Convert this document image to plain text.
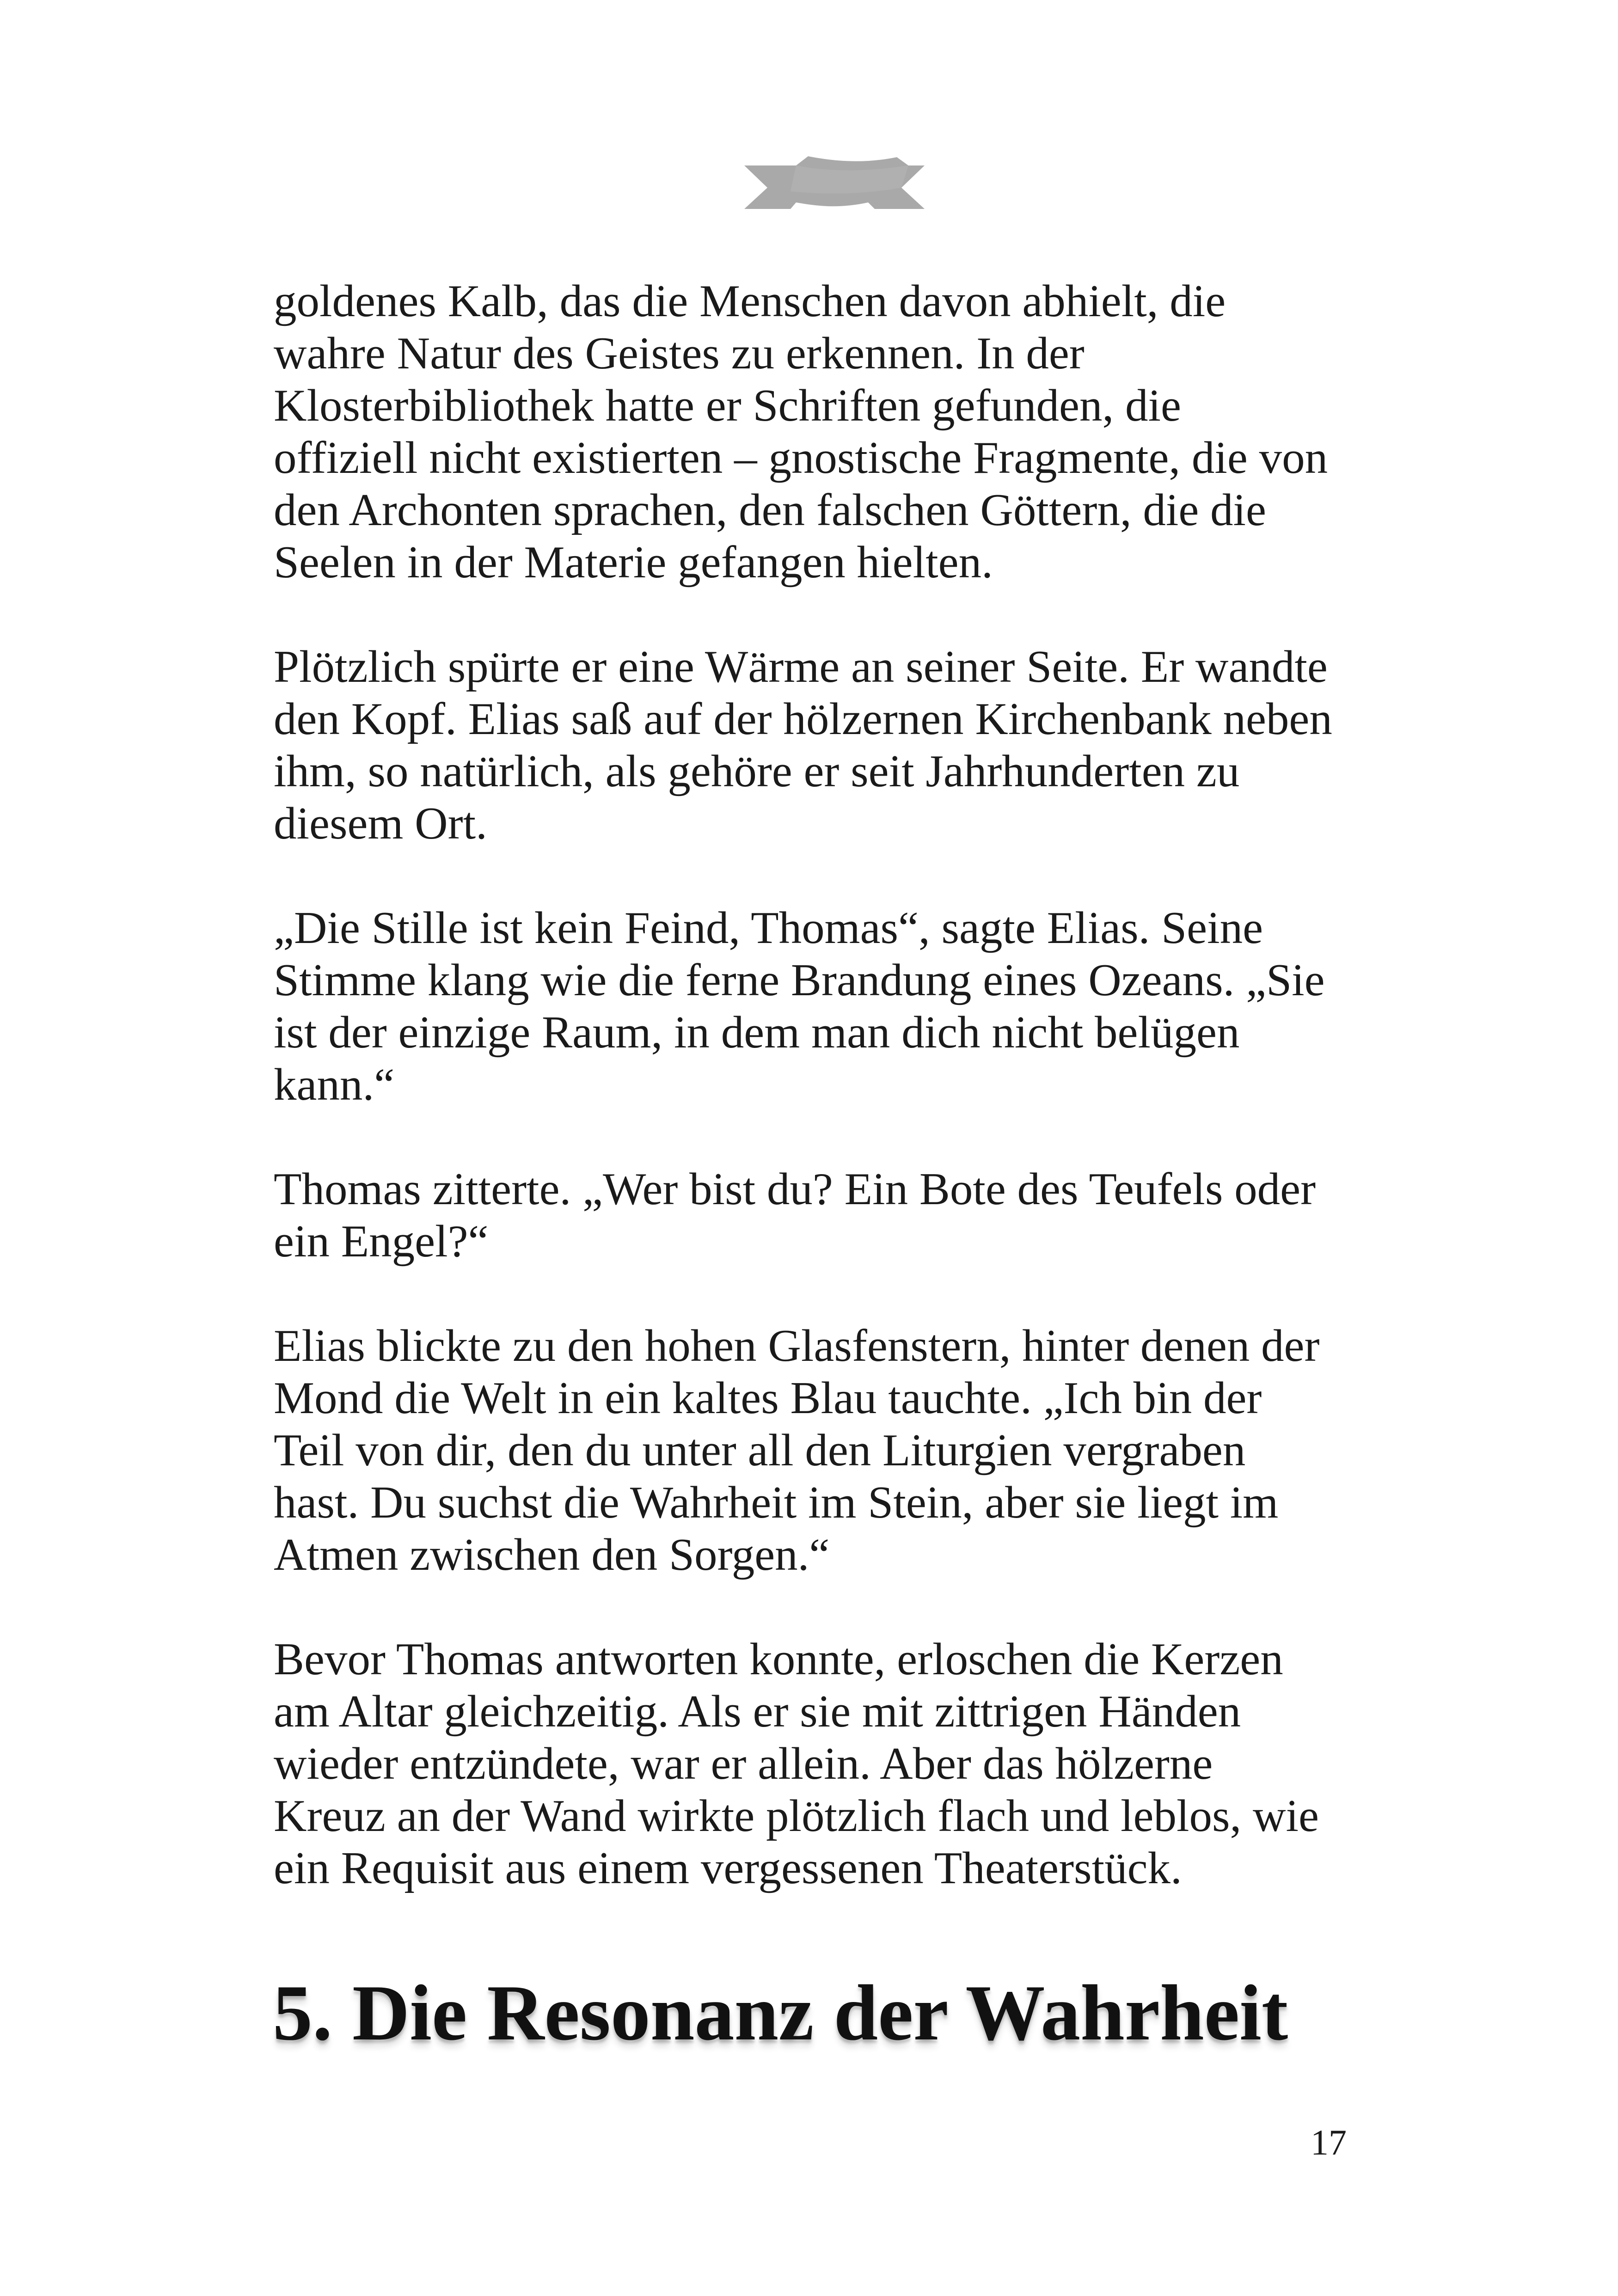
goldenes Kalb, das die Menschen davon abhielt, die
wahre Natur des Geistes zu erkennen. In der
Klosterbibliothek hatte er Schriften gefunden, die
offiziell nicht existierten – gnostische Fragmente, die von
den Archonten sprachen, den falschen Göttern, die die
Seelen in der Materie gefangen hielten.

Plötzlich spürte er eine Wärme an seiner Seite. Er wandte
den Kopf. Elias saß auf der hölzernen Kirchenbank neben
ihm, so natürlich, als gehöre er seit Jahrhunderten zu
diesem Ort.

„Die Stille ist kein Feind, Thomas“, sagte Elias. Seine
Stimme klang wie die ferne Brandung eines Ozeans. „Sie
ist der einzige Raum, in dem man dich nicht belügen
kann.“

Thomas zitterte. „Wer bist du? Ein Bote des Teufels oder
ein Engel?“

Elias blickte zu den hohen Glasfenstern, hinter denen der
Mond die Welt in ein kaltes Blau tauchte. „Ich bin der
Teil von dir, den du unter all den Liturgien vergraben
hast. Du suchst die Wahrheit im Stein, aber sie liegt im
Atmen zwischen den Sorgen.“

Bevor Thomas antworten konnte, erloschen die Kerzen
am Altar gleichzeitig. Als er sie mit zittrigen Händen
wieder entzündete, war er allein. Aber das hölzerne
Kreuz an der Wand wirkte plötzlich flach und leblos, wie
ein Requisit aus einem vergessenen Theaterstück.

5. Die Resonanz der Wahrheit
17
